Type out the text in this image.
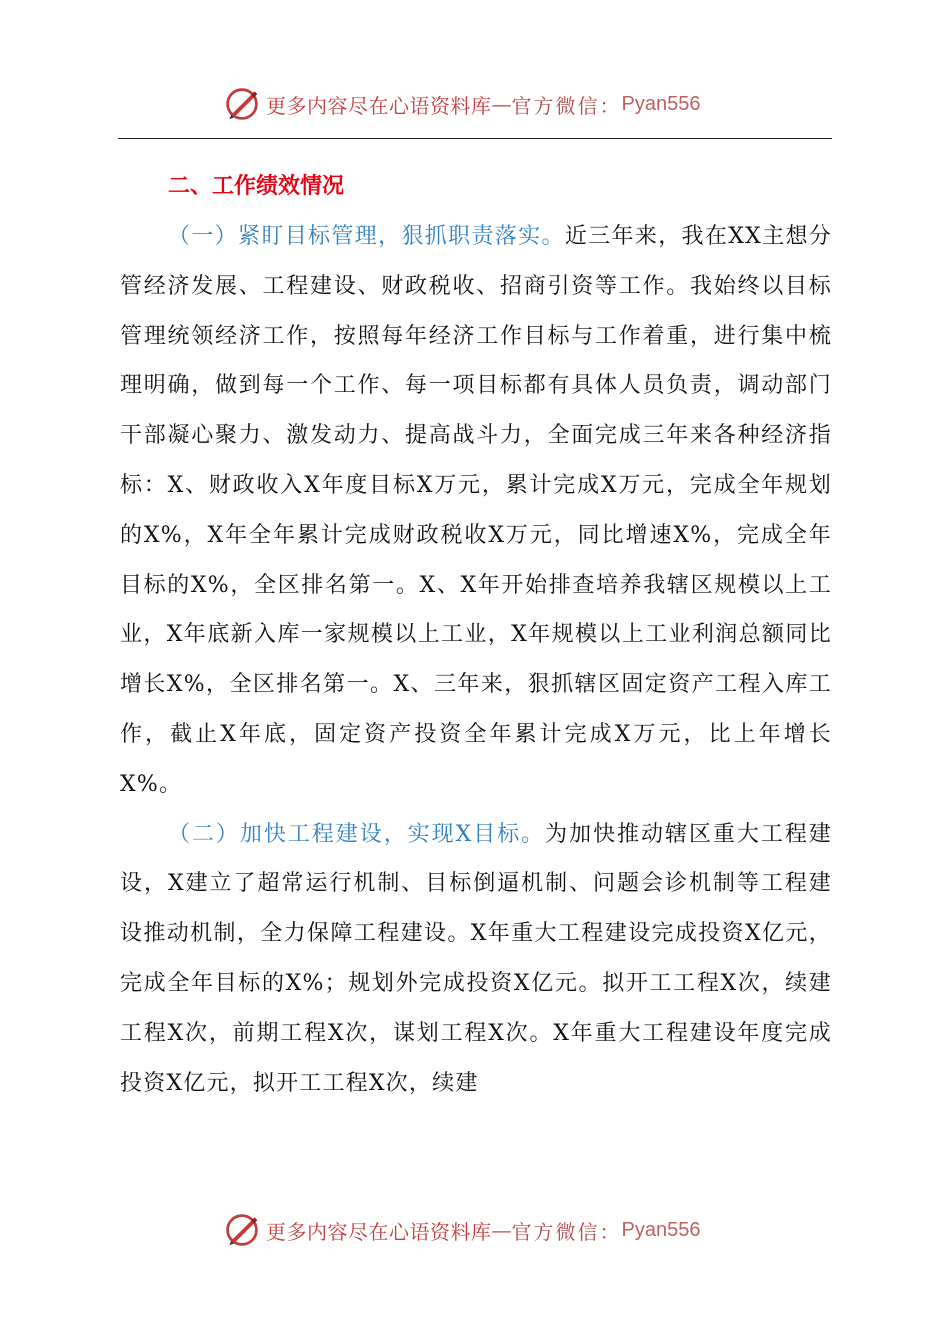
更多内容尽在心语资料库 — 官方微信： Pyan556
二、工作绩效情况

（一）紧盯目标管理，狠抓职责落实。近三年来，我在XX主想分管经济发展、工程建设、财政税收、招商引资等工作。我始终以目标管理统领经济工作，按照每年经济工作目标与工作着重，进行集中梳理明确，做到每一个工作、每一项目标都有具体人员负责，调动部门干部凝心聚力、激发动力、提高战斗力，全面完成三年来各种经济指标：X、财政收入X年度目标X万元，累计完成X万元，完成全年规划的X%，X年全年累计完成财政税收X万元，同比增速X%，完成全年目标的X%，全区排名第一。X、X年开始排查培养我辖区规模以上工业，X年底新入库一家规模以上工业，X年规模以上工业利润总额同比增长X%，全区排名第一。X、三年来，狠抓辖区固定资产工程入库工作，截止X年底，固定资产投资全年累计完成X万元，比上年增长X%。

（二）加快工程建设，实现X目标。为加快推动辖区重大工程建设，X建立了超常运行机制、目标倒逼机制、问题会诊机制等工程建设推动机制，全力保障工程建设。X年重大工程建设完成投资X亿元，完成全年目标的X%；规划外完成投资X亿元。拟开工工程X次，续建工程X次，前期工程X次，谋划工程X次。X年重大工程建设年度完成投资X亿元，拟开工工程X次，续建

更多内容尽在心语资料库 — 官方微信： Pyan556
